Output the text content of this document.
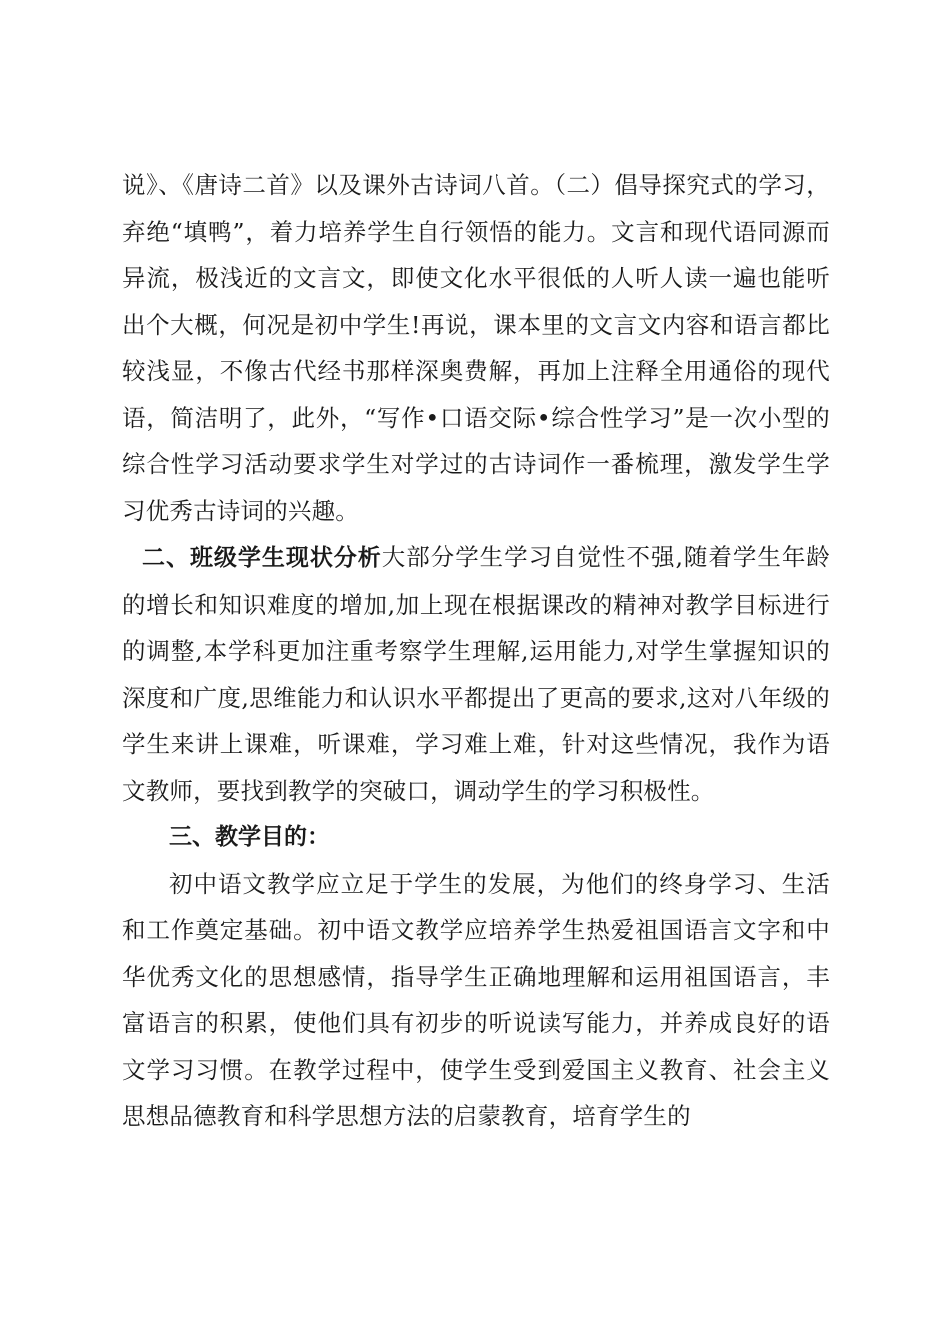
说》、《唐诗二首》以及课外古诗词八首。（二）倡导探究式的学习，弃绝“填鸭”，着力培养学生自行领悟的能力。文言和现代语同源而异流，极浅近的文言文，即使文化水平很低的人听人读一遍也能听出个大概，何况是初中学生!再说，课本里的文言文内容和语言都比较浅显，不像古代经书那样深奥费解，再加上注释全用通俗的现代语，简洁明了，此外，“写作•口语交际•综合性学习”是一次小型的综合性学习活动要求学生对学过的古诗词作一番梳理，激发学生学习优秀古诗词的兴趣。

二、班级学生现状分析大部分学生学习自觉性不强,随着学生年龄的增长和知识难度的增加,加上现在根据课改的精神对教学目标进行的调整,本学科更加注重考察学生理解,运用能力,对学生掌握知识的深度和广度,思维能力和认识水平都提出了更高的要求,这对八年级的学生来讲上课难，听课难，学习难上难，针对这些情况，我作为语文教师，要找到教学的突破口，调动学生的学习积极性。

三、教学目的：

初中语文教学应立足于学生的发展，为他们的终身学习、生活和工作奠定基础。初中语文教学应培养学生热爱祖国语言文字和中华优秀文化的思想感情，指导学生正确地理解和运用祖国语言，丰富语言的积累，使他们具有初步的听说读写能力，并养成良好的语文学习习惯。在教学过程中，使学生受到爱国主义教育、社会主义思想品德教育和科学思想方法的启蒙教育，培育学生的
